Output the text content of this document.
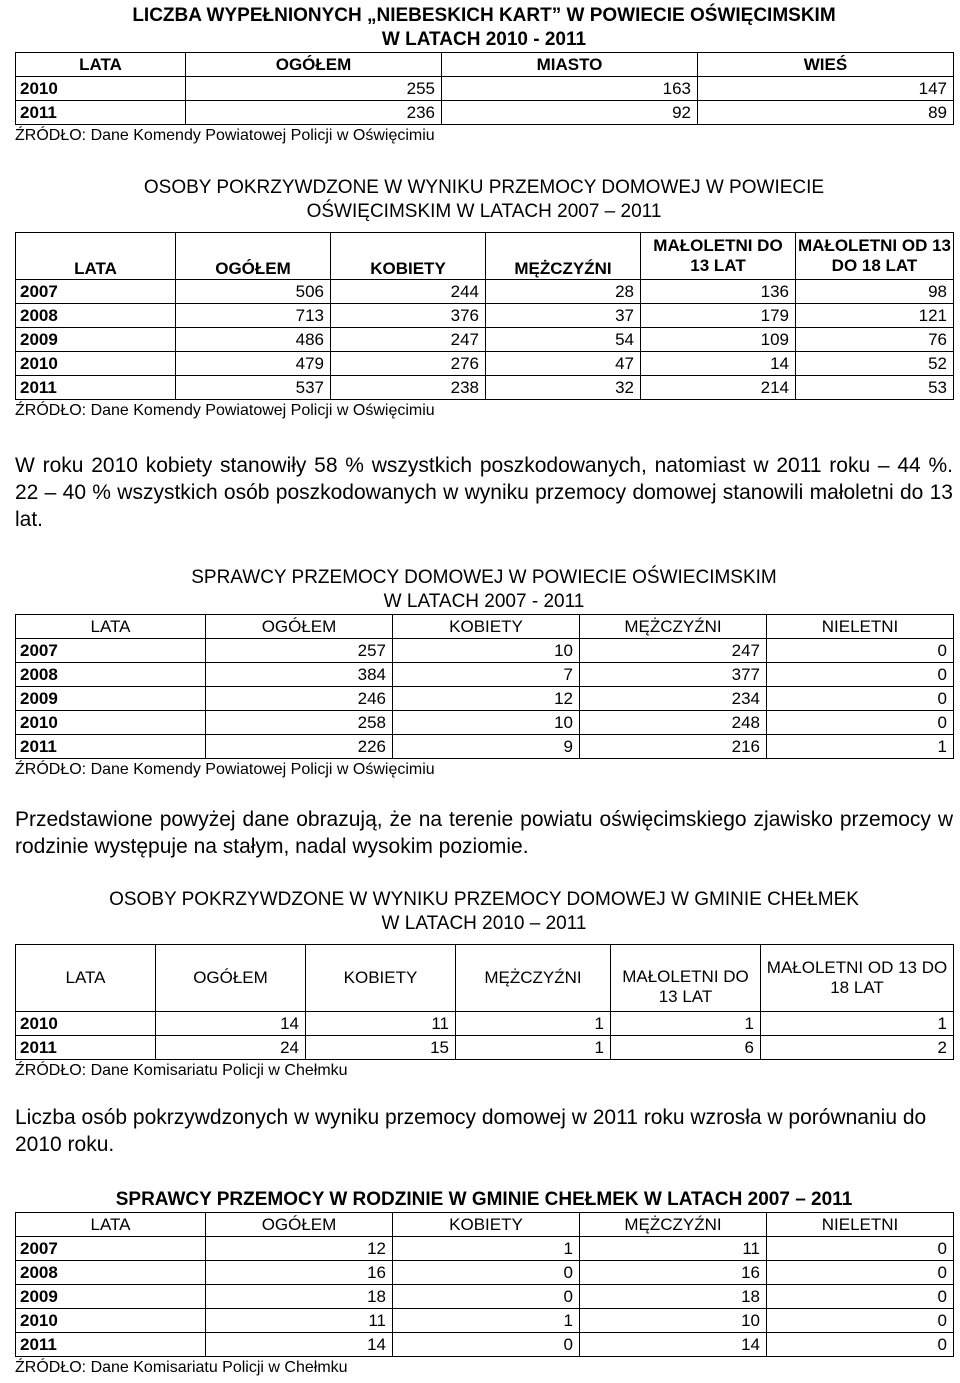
LICZBA WYPEŁNIONYCH „NIEBESKICH KART” W POWIECIE OŚWIĘCIMSKIM
W LATACH 2010 - 2011
LATA	OGÓŁEM	MIASTO	WIEŚ
2010	255	163	147
2011	236	92	89
ŹRÓDŁO: Dane Komendy Powiatowej Policji w Oświęcimiu
OSOBY POKRZYWDZONE W WYNIKU PRZEMOCY DOMOWEJ W POWIECIE
OŚWIĘCIMSKIM W LATACH 2007 – 2011
LATA	OGÓŁEM	KOBIETY	MĘŻCZYŹNI	MAŁOLETNI DO 13 LAT	MAŁOLETNI OD 13 DO 18 LAT
2007	506	244	28	136	98
2008	713	376	37	179	121
2009	486	247	54	109	76
2010	479	276	47	14	52
2011	537	238	32	214	53
ŹRÓDŁO: Dane Komendy Powiatowej Policji w Oświęcimiu
W roku 2010 kobiety stanowiły 58 % wszystkich poszkodowanych, natomiast w 2011 roku – 44 %. 22 – 40 % wszystkich osób poszkodowanych w wyniku przemocy domowej stanowili małoletni do 13 lat.
SPRAWCY PRZEMOCY DOMOWEJ W POWIECIE OŚWIECIMSKIM
W LATACH 2007 - 2011
LATA	OGÓŁEM	KOBIETY	MĘŻCZYŹNI	NIELETNI
2007	257	10	247	0
2008	384	7	377	0
2009	246	12	234	0
2010	258	10	248	0
2011	226	9	216	1
ŹRÓDŁO: Dane Komendy Powiatowej Policji w Oświęcimiu
Przedstawione powyżej dane obrazują, że na terenie powiatu oświęcimskiego zjawisko przemocy w rodzinie występuje na stałym, nadal wysokim poziomie.
OSOBY POKRZYWDZONE W WYNIKU PRZEMOCY DOMOWEJ W GMINIE CHEŁMEK
W LATACH 2010 – 2011
LATA	OGÓŁEM	KOBIETY	MĘŻCZYŹNI	MAŁOLETNI DO 13 LAT	MAŁOLETNI OD 13 DO 18 LAT
2010	14	11	1	1	1
2011	24	15	1	6	2
ŹRÓDŁO: Dane Komisariatu Policji w Chełmku
Liczba osób pokrzywdzonych w wyniku przemocy domowej w 2011 roku wzrosła w porównaniu do 2010 roku.
SPRAWCY PRZEMOCY W RODZINIE W GMINIE CHEŁMEK W LATACH 2007 – 2011
LATA	OGÓŁEM	KOBIETY	MĘŻCZYŹNI	NIELETNI
2007	12	1	11	0
2008	16	0	16	0
2009	18	0	18	0
2010	11	1	10	0
2011	14	0	14	0
ŹRÓDŁO: Dane Komisariatu Policji w Chełmku
